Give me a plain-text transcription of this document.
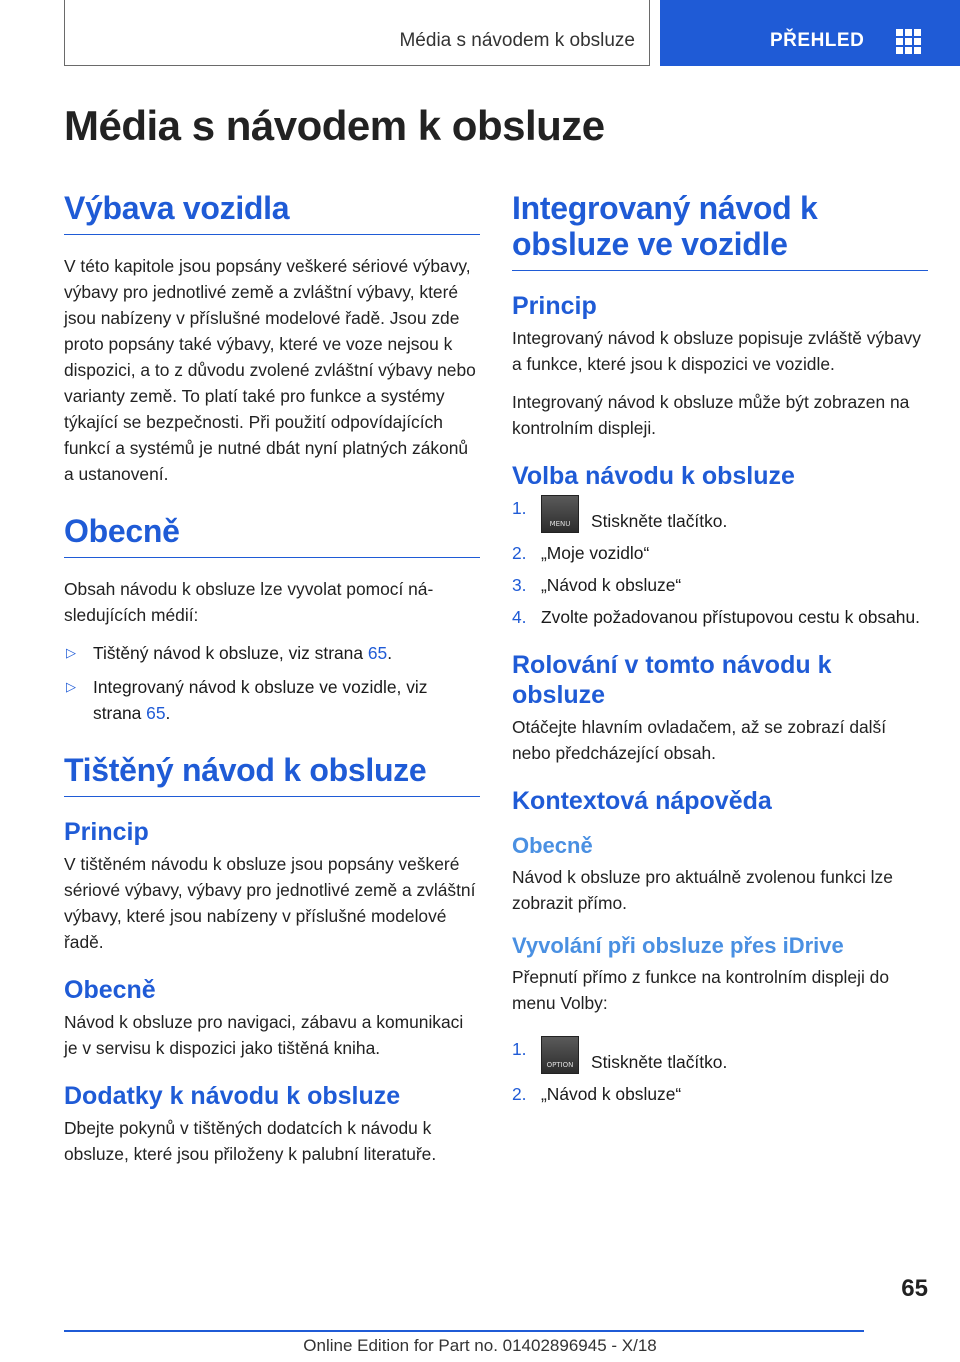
Média s návodem k obsluze	PŘEHLED
Média s návodem k obsluze
Výbava vozidla

V této kapitole jsou popsány veškeré sériové výbavy, výbavy pro jednotlivé země a zvláštní výbavy, které jsou nabízeny v příslušné modelové řadě. Jsou zde proto popsány také výbavy, které ve voze nejsou k dispozici, a to z důvodu zvolené zvláštní výbavy nebo varianty země. To platí také pro funkce a systémy týkající se bezpečnosti. Při použití odpovídajících funkcí a systémů je nutné dbát nyní platných zákonů a ustanovení.

Obecně

Obsah návodu k obsluze lze vyvolat pomocí následujících médií:

▷ Tištěný návod k obsluze, viz strana 65.
▷ Integrovaný návod k obsluze ve vozidle, viz strana 65.
Tištěný návod k obsluze
Princip

V tištěném návodu k obsluze jsou popsány veškeré sériové výbavy, výbavy pro jednotlivé země a zvláštní výbavy, které jsou nabízeny v příslušné modelové řadě.

Obecně

Návod k obsluze pro navigaci, zábavu a komunikaci je v servisu k dispozici jako tištěná kniha.

Dodatky k návodu k obsluze

Dbejte pokynů v tištěných dodatcích k návodu k obsluze, které jsou přiloženy k palubní literatuře.

Integrovaný návod k obsluze ve vozidle
Princip

Integrovaný návod k obsluze popisuje zvláště výbavy a funkce, které jsou k dispozici ve vozidle.

Integrovaný návod k obsluze může být zobrazen na kontrolním displeji.

Volba návodu k obsluze
1.
MENU	Stiskněte tlačítko.
2. „Moje vozidlo“
3. „Návod k obsluze“
4. Zvolte požadovanou přístupovou cestu k obsahu.
Rolování v tomto návodu k obsluze

Otáčejte hlavním ovladačem, až se zobrazí další nebo předcházející obsah.

Kontextová nápověda
Obecně

Návod k obsluze pro aktuálně zvolenou funkci lze zobrazit přímo.

Vyvolání při obsluze přes iDrive

Přepnutí přímo z funkce na kontrolním displeji do menu Volby:

1.
OPTION Stiskněte tlačítko.
2. „Návod k obsluze“
65
Online Edition for Part no. 01402896945 - X/18
